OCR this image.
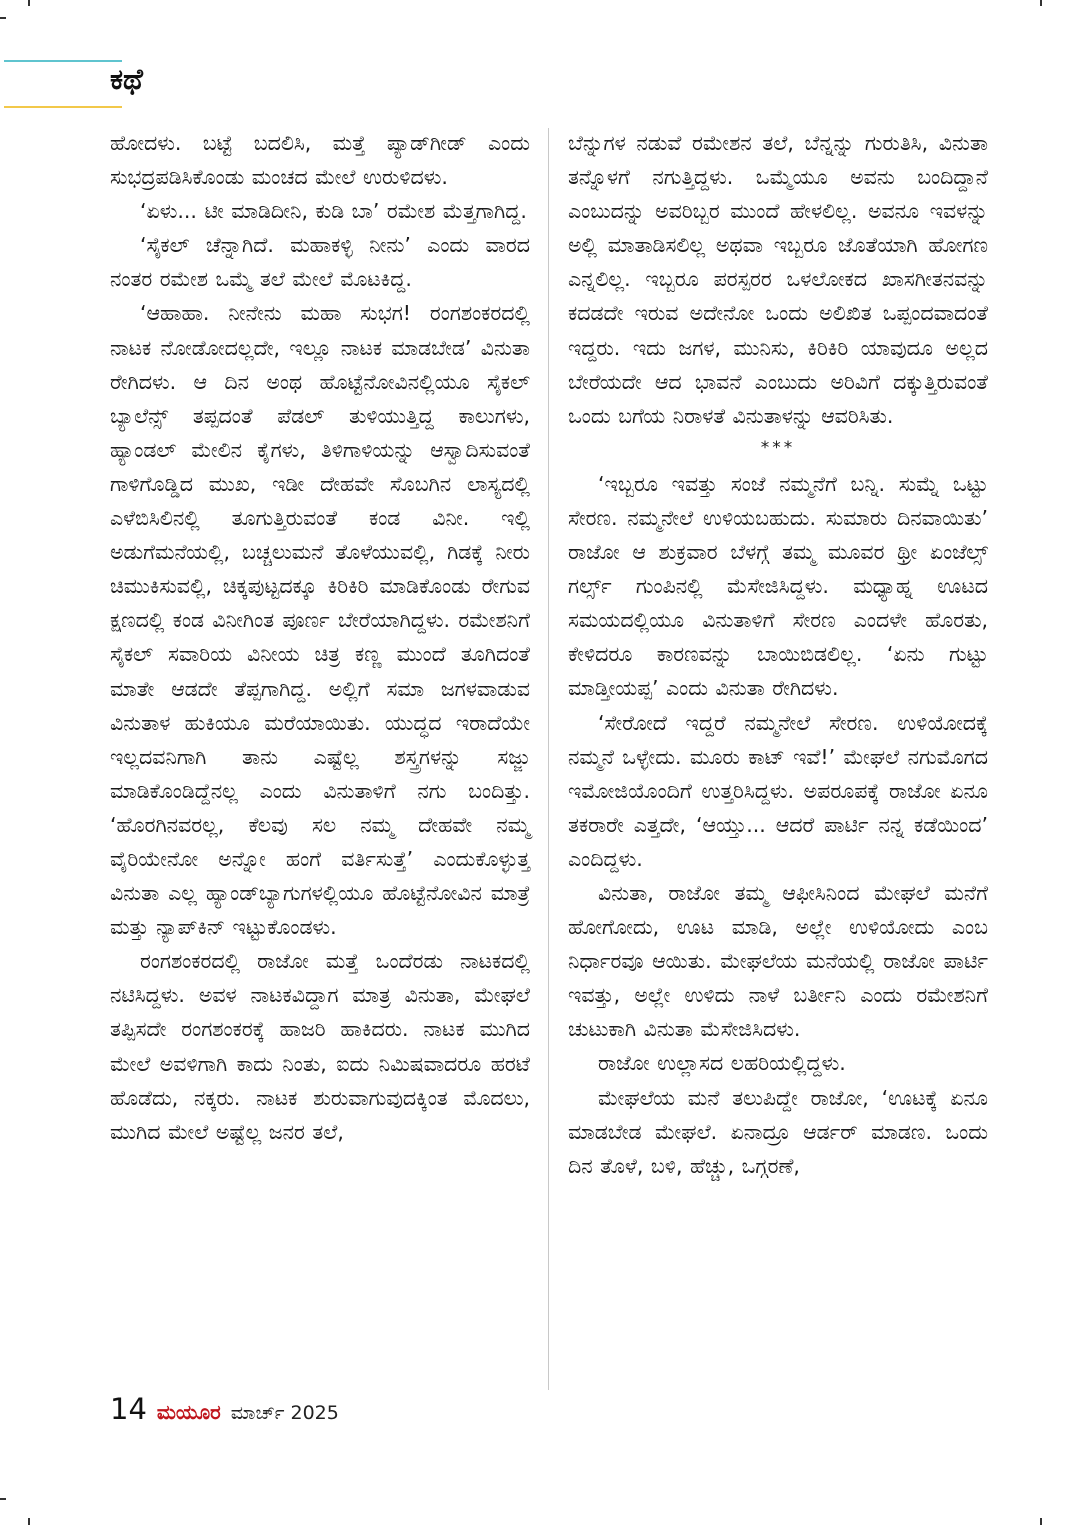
ಕಥೆ

ಹೋದಳು. ಬಟ್ಟೆ ಬದಲಿಸಿ, ಮತ್ತೆ ಪ್ಯಾಡ್‌ಗೀಡ್ ಎಂದು ಸುಭದ್ರಪಡಿಸಿಕೊಂಡು ಮಂಚದ ಮೇಲೆ ಉರುಳಿದಳು.

‘ಏಳು... ಟೀ ಮಾಡಿದೀನಿ, ಕುಡಿ ಬಾ’ ರಮೇಶ ಮೆತ್ತಗಾಗಿದ್ದ.

‘ಸೈಕಲ್ ಚೆನ್ನಾಗಿದೆ. ಮಹಾಕಳ್ಳಿ ನೀನು’ ಎಂದು ವಾರದ ನಂತರ ರಮೇಶ ಒಮ್ಮೆ ತಲೆ ಮೇಲೆ ಮೊಟಕಿದ್ದ.

‘ಆಹಾಹಾ. ನೀನೇನು ಮಹಾ ಸುಭಗ! ರಂಗಶಂಕರದಲ್ಲಿ ನಾಟಕ ನೋಡೋದಲ್ಲದೇ, ಇಲ್ಲೂ ನಾಟಕ ಮಾಡಬೇಡ’ ವಿನುತಾ ರೇಗಿದಳು. ಆ ದಿನ ಅಂಥ ಹೊಟ್ಟೆನೋವಿನಲ್ಲಿಯೂ ಸೈಕಲ್ ಬ್ಯಾಲೆನ್ಸ್ ತಪ್ಪದಂತೆ ಪೆಡಲ್ ತುಳಿಯುತ್ತಿದ್ದ ಕಾಲುಗಳು, ಹ್ಯಾಂಡಲ್ ಮೇಲಿನ ಕೈಗಳು, ತಿಳಿಗಾಳಿಯನ್ನು ಆಸ್ವಾದಿಸುವಂತೆ ಗಾಳಿಗೊಡ್ಡಿದ ಮುಖ, ಇಡೀ ದೇಹವೇ ಸೊಬಗಿನ ಲಾಸ್ಯದಲ್ಲಿ ಎಳೆಬಿಸಿಲಿನಲ್ಲಿ ತೂಗುತ್ತಿರುವಂತೆ ಕಂಡ ವಿನೀ. ಇಲ್ಲಿ ಅಡುಗೆಮನೆಯಲ್ಲಿ, ಬಚ್ಚಲುಮನೆ ತೊಳೆಯುವಲ್ಲಿ, ಗಿಡಕ್ಕೆ ನೀರು ಚಿಮುಕಿಸುವಲ್ಲಿ, ಚಿಕ್ಕಪುಟ್ಟದಕ್ಕೂ ಕಿರಿಕಿರಿ ಮಾಡಿಕೊಂಡು ರೇಗುವ ಕ್ಷಣದಲ್ಲಿ ಕಂಡ ವಿನೀಗಿಂತ ಪೂರ್ಣ ಬೇರೆಯಾಗಿದ್ದಳು. ರಮೇಶನಿಗೆ ಸೈಕಲ್ ಸವಾರಿಯ ವಿನೀಯ ಚಿತ್ರ ಕಣ್ಣ ಮುಂದೆ ತೂಗಿದಂತೆ ಮಾತೇ ಆಡದೇ ತೆಪ್ಪಗಾಗಿದ್ದ. ಅಲ್ಲಿಗೆ ಸಮಾ ಜಗಳವಾಡುವ ವಿನುತಾಳ ಹುಕಿಯೂ ಮರೆಯಾಯಿತು. ಯುದ್ಧದ ಇರಾದೆಯೇ ಇಲ್ಲದವನಿಗಾಗಿ ತಾನು ಎಷ್ಟೆಲ್ಲ ಶಸ್ತ್ರಗಳನ್ನು ಸಜ್ಜು ಮಾಡಿಕೊಂಡಿದ್ದೆನಲ್ಲ ಎಂದು ವಿನುತಾಳಿಗೆ ನಗು ಬಂದಿತ್ತು. ‘ಹೊರಗಿನವರಲ್ಲ, ಕೆಲವು ಸಲ ನಮ್ಮ ದೇಹವೇ ನಮ್ಮ ವೈರಿಯೇನೋ ಅನ್ನೋ ಹಂಗೆ ವರ್ತಿಸುತ್ತೆ’ ಎಂದುಕೊಳ್ಳುತ್ತ ವಿನುತಾ ಎಲ್ಲ ಹ್ಯಾಂಡ್‌ಬ್ಯಾಗುಗಳಲ್ಲಿಯೂ ಹೊಟ್ಟೆನೋವಿನ ಮಾತ್ರೆ ಮತ್ತು ನ್ಯಾಪ್‌ಕಿನ್ ಇಟ್ಟುಕೊಂಡಳು.

ರಂಗಶಂಕರದಲ್ಲಿ ರಾಜೋ ಮತ್ತೆ ಒಂದೆರಡು ನಾಟಕದಲ್ಲಿ ನಟಿಸಿದ್ದಳು. ಅವಳ ನಾಟಕವಿದ್ದಾಗ ಮಾತ್ರ ವಿನುತಾ, ಮೇಘಲೆ ತಪ್ಪಿಸದೇ ರಂಗಶಂಕರಕ್ಕೆ ಹಾಜರಿ ಹಾಕಿದರು. ನಾಟಕ ಮುಗಿದ ಮೇಲೆ ಅವಳಿಗಾಗಿ ಕಾದು ನಿಂತು, ಐದು ನಿಮಿಷವಾದರೂ ಹರಟೆ ಹೊಡೆದು, ನಕ್ಕರು. ನಾಟಕ ಶುರುವಾಗುವುದಕ್ಕಿಂತ ಮೊದಲು, ಮುಗಿದ ಮೇಲೆ ಅಷ್ಟೆಲ್ಲ ಜನರ ತಲೆ,

ಬೆನ್ನುಗಳ ನಡುವೆ ರಮೇಶನ ತಲೆ, ಬೆನ್ನನ್ನು ಗುರುತಿಸಿ, ವಿನುತಾ ತನ್ನೊಳಗೆ ನಗುತ್ತಿದ್ದಳು. ಒಮ್ಮೆಯೂ ಅವನು ಬಂದಿದ್ದಾನೆ ಎಂಬುದನ್ನು ಅವರಿಬ್ಬರ ಮುಂದೆ ಹೇಳಲಿಲ್ಲ. ಅವನೂ ಇವಳನ್ನು ಅಲ್ಲಿ ಮಾತಾಡಿಸಲಿಲ್ಲ ಅಥವಾ ಇಬ್ಬರೂ ಜೊತೆಯಾಗಿ ಹೋಗಣ ಎನ್ನಲಿಲ್ಲ. ಇಬ್ಬರೂ ಪರಸ್ಪರರ ಒಳಲೋಕದ ಖಾಸಗೀತನವನ್ನು ಕದಡದೇ ಇರುವ ಅದೇನೋ ಒಂದು ಅಲಿಖಿತ ಒಪ್ಪಂದವಾದಂತೆ ಇದ್ದರು. ಇದು ಜಗಳ, ಮುನಿಸು, ಕಿರಿಕಿರಿ ಯಾವುದೂ ಅಲ್ಲದ ಬೇರೆಯದೇ ಆದ ಭಾವನೆ ಎಂಬುದು ಅರಿವಿಗೆ ದಕ್ಕುತ್ತಿರುವಂತೆ ಒಂದು ಬಗೆಯ ನಿರಾಳತೆ ವಿನುತಾಳನ್ನು ಆವರಿಸಿತು.

***

‘ಇಬ್ಬರೂ ಇವತ್ತು ಸಂಜೆ ನಮ್ಮನೆಗೆ ಬನ್ನಿ. ಸುಮ್ನೆ ಒಟ್ಟು ಸೇರಣ. ನಮ್ಮನೇಲೆ ಉಳಿಯಬಹುದು. ಸುಮಾರು ದಿನವಾಯಿತು’ ರಾಜೋ ಆ ಶುಕ್ರವಾರ ಬೆಳಗ್ಗೆ ತಮ್ಮ ಮೂವರ ಥ್ರೀ ಏಂಜೆಲ್ಸ್ ಗರ್ಲ್ಸ್ ಗುಂಪಿನಲ್ಲಿ ಮೆಸೇಜಿಸಿದ್ದಳು. ಮಧ್ಯಾಹ್ನ ಊಟದ ಸಮಯದಲ್ಲಿಯೂ ವಿನುತಾಳಿಗೆ ಸೇರಣ ಎಂದಳೇ ಹೊರತು, ಕೇಳಿದರೂ ಕಾರಣವನ್ನು ಬಾಯಿಬಿಡಲಿಲ್ಲ. ‘ಏನು ಗುಟ್ಟು ಮಾಡ್ತೀಯಪ್ಪ’ ಎಂದು ವಿನುತಾ ರೇಗಿದಳು.

‘ಸೇರೋದೆ ಇದ್ದರೆ ನಮ್ಮನೇಲೆ ಸೇರಣ. ಉಳಿಯೋದಕ್ಕೆ ನಮ್ಮನೆ ಒಳ್ಳೇದು. ಮೂರು ಕಾಟ್ ಇವೆ!’ ಮೇಘಲೆ ನಗುಮೊಗದ ಇಮೋಜಿಯೊಂದಿಗೆ ಉತ್ತರಿಸಿದ್ದಳು. ಅಪರೂಪಕ್ಕೆ ರಾಜೋ ಏನೂ ತಕರಾರೇ ಎತ್ತದೇ, ‘ಆಯ್ತು... ಆದರೆ ಪಾರ್ಟಿ ನನ್ನ ಕಡೆಯಿಂದ’ ಎಂದಿದ್ದಳು.

ವಿನುತಾ, ರಾಜೋ ತಮ್ಮ ಆಫೀಸಿನಿಂದ ಮೇಘಲೆ ಮನೆಗೆ ಹೋಗೋದು, ಊಟ ಮಾಡಿ, ಅಲ್ಲೇ ಉಳಿಯೋದು ಎಂಬ ನಿರ್ಧಾರವೂ ಆಯಿತು. ಮೇಘಲೆಯ ಮನೆಯಲ್ಲಿ ರಾಜೋ ಪಾರ್ಟಿ ಇವತ್ತು, ಅಲ್ಲೇ ಉಳಿದು ನಾಳೆ ಬರ್ತೀನಿ ಎಂದು ರಮೇಶನಿಗೆ ಚುಟುಕಾಗಿ ವಿನುತಾ ಮೆಸೇಜಿಸಿದಳು.

ರಾಜೋ ಉಲ್ಲಾಸದ ಲಹರಿಯಲ್ಲಿದ್ದಳು.

ಮೇಘಲೆಯ ಮನೆ ತಲುಪಿದ್ದೇ ರಾಜೋ, ‘ಊಟಕ್ಕೆ ಏನೂ ಮಾಡಬೇಡ ಮೇಘಲೆ. ಏನಾದ್ರೂ ಆರ್ಡರ್ ಮಾಡಣ. ಒಂದು ದಿನ ತೊಳೆ, ಬಳಿ, ಹೆಚ್ಚು, ಒಗ್ಗರಣೆ,

14 ಮಯೂರ ಮಾರ್ಚ್ 2025
